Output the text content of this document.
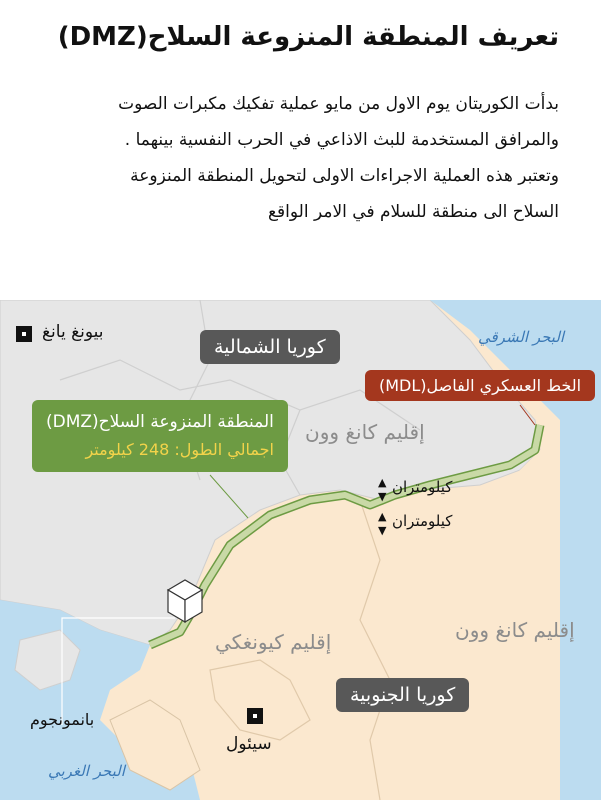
تعريف المنطقة المنزوعة السلاح(DMZ)
بدأت الكوريتان يوم الاول من مايو عملية تفكيك مكبرات الصوت
والمرافق المستخدمة للبث الاذاعي في الحرب النفسية بينهما .
وتعتبر هذه العملية الاجراءات الاولى لتحويل المنطقة المنزوعة
السلاح الى منطقة للسلام في الامر الواقع
بيونغ يانغ
كوريا الشمالية	البحر الشرقي
الخط العسكري الفاصل(MDL)
المنطقة المنزوعة السلاح(DMZ)
اجمالي الطول: 248 كيلومتر
إقليم كانغ وون
▲
▼
كيلومتران
▲
▼
كيلومتران
إقليم كانغ وون
إقليم كيونغكي
كوريا الجنوبية
سيئول
بانمونجوم
البحر الغربي
